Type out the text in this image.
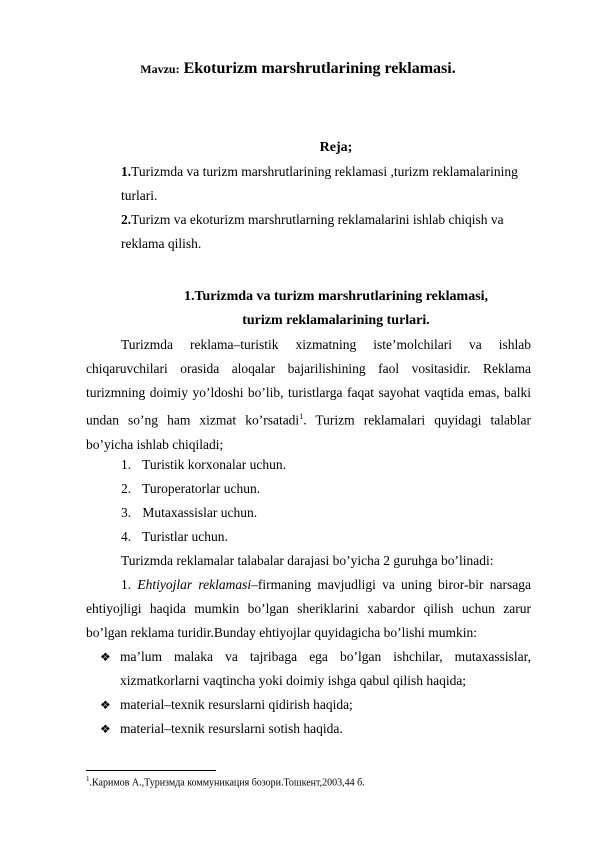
Mavzu: Ekoturizm marshrutlarining reklamasi.
Reja;
1.Turizmda va turizm marshrutlarining reklamasi ,turizm reklamalarining
turlari.
2.Turizm va ekoturizm marshrutlarning reklamalarini ishlab chiqish va
reklama qilish.
1.Turizmda va turizm marshrutlarining reklamasi,
turizm reklamalarining turlari.
Turizmda reklama–turistik xizmatning iste’molchilari va ishlab chiqaruvchilari orasida aloqalar bajarilishining faol vositasidir. Reklama turizmning doimiy yo’ldoshi bo’lib, turistlarga faqat sayohat vaqtida emas, balki undan so’ng ham xizmat ko’rsatadi$^1$. Turizm reklamalari quyidagi talablar bo’yicha ishlab chiqiladi;
1. Turistik korxonalar uchun.
2. Turoperatorlar uchun.
3. Mutaxassislar uchun.
4. Turistlar uchun.
Turizmda reklamalar talabalar darajasi bo’yicha 2 guruhga bo’linadi:
1. Ehtiyojlar reklamasi–firmaning mavjudligi va uning biror-bir narsaga ehtiyojligi haqida mumkin bo’lgan sheriklarini xabardor qilish uchun zarur bo’lgan reklama turidir.Bunday ehtiyojlar quyidagicha bo’lishi mumkin:
❖ ma’lum malaka va tajribaga ega bo’lgan ishchilar, mutaxassislar, xizmatkorlarni vaqtincha yoki doimiy ishga qabul qilish haqida;
❖ material–texnik resurslarni qidirish haqida;
❖ material–texnik resurslarni sotish haqida.
$^1$.Каримов А.,Туризмда коммуникация бозори.Тошкент,2003,44 б.
